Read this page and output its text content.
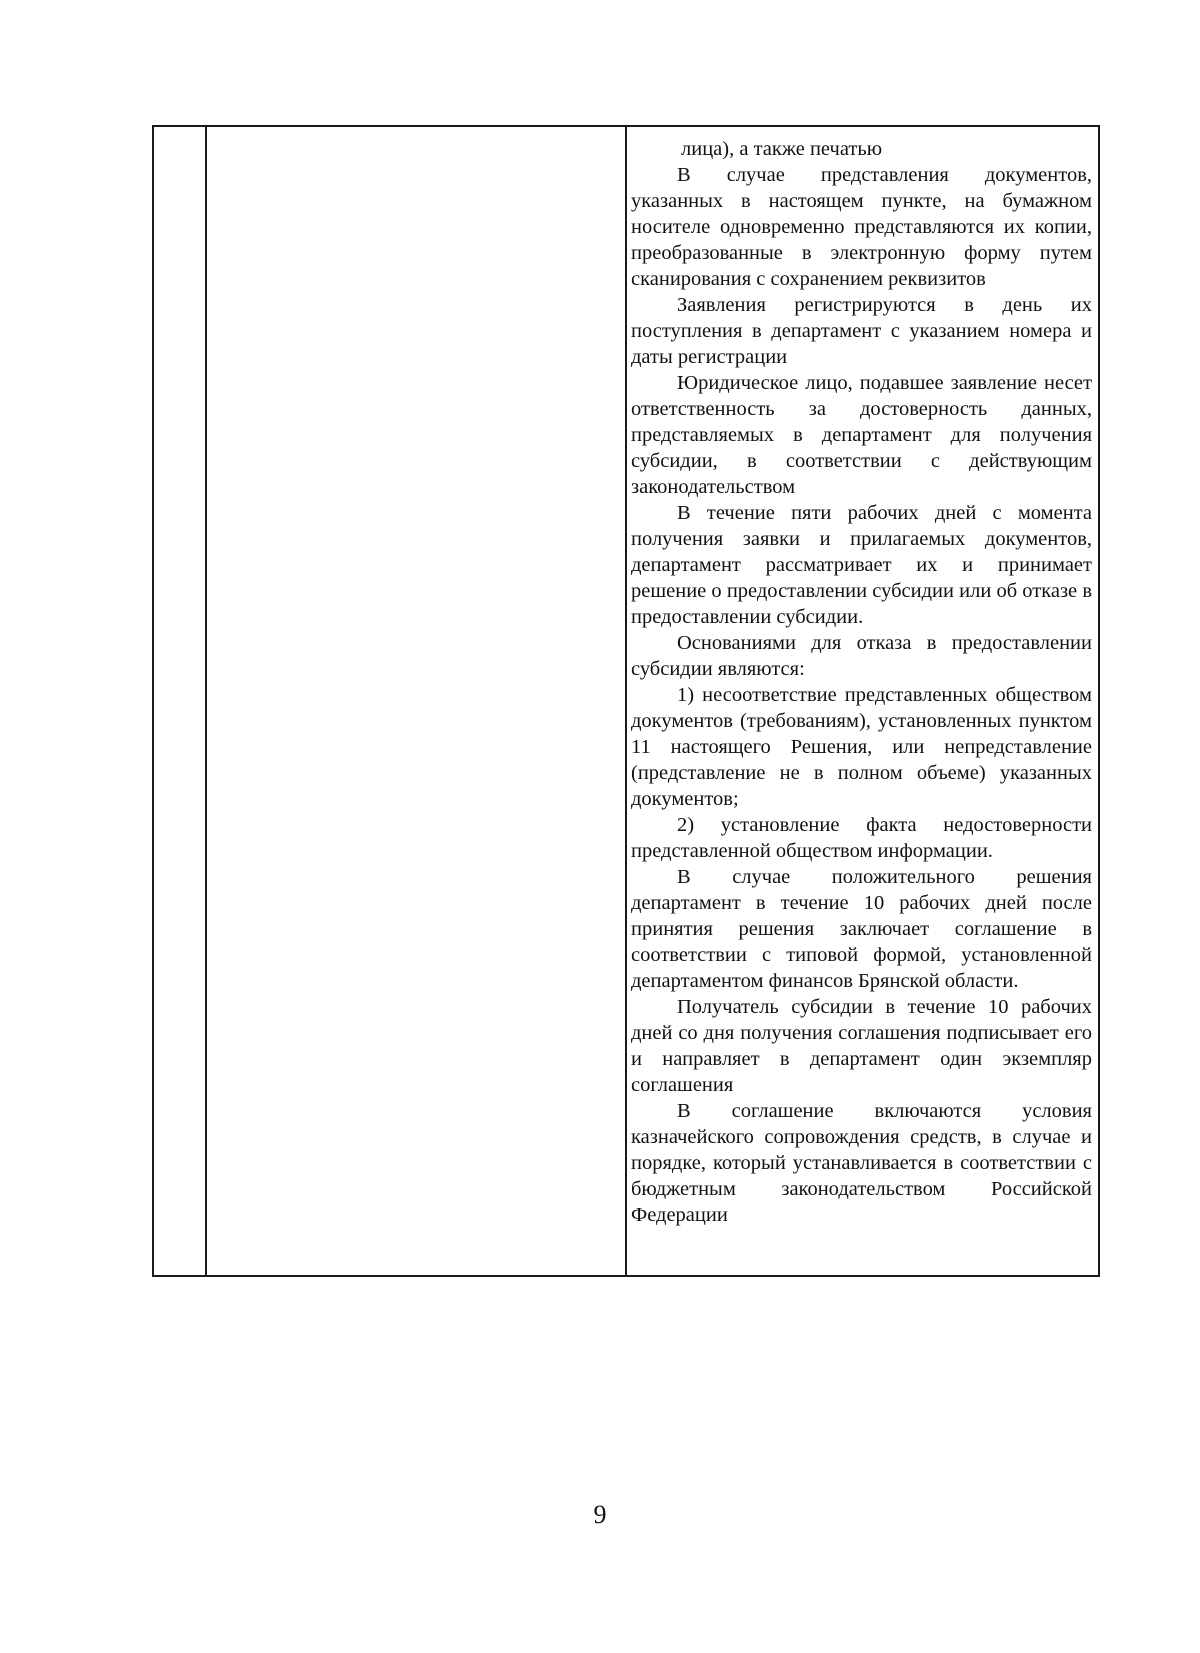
лица), а также печатью

В случае представления документов, указанных в настоящем пункте, на бумажном носителе одновременно представляются их копии, преобразованные в электронную форму путем сканирования с сохранением реквизитов

Заявления регистрируются в день их поступления в департамент с указанием номера и даты регистрации

Юридическое лицо, подавшее заявление несет ответственность за достоверность данных, представляемых в департамент для получения субсидии, в соответствии с действующим законодательством

В течение пяти рабочих дней с момента получения заявки и прилагаемых документов, департамент рассматривает их и принимает решение о предоставлении субсидии или об отказе в предоставлении субсидии.

Основаниями для отказа в предоставлении субсидии являются:

1) несоответствие представленных обществом документов (требованиям), установленных пунктом 11 настоящего Решения, или непредставление (представление не в полном объеме) указанных документов;

2) установление факта недостоверности представленной обществом информации.

В случае положительного решения департамент в течение 10 рабочих дней после принятия решения заключает соглашение в соответствии с типовой формой, установленной департаментом финансов Брянской области.

Получатель субсидии в течение 10 рабочих дней со дня получения соглашения подписывает его и направляет в департамент один экземпляр соглашения

В соглашение включаются условия казначейского сопровождения средств, в случае и порядке, который устанавливается в соответствии с бюджетным законодательством Российской Федерации

9
